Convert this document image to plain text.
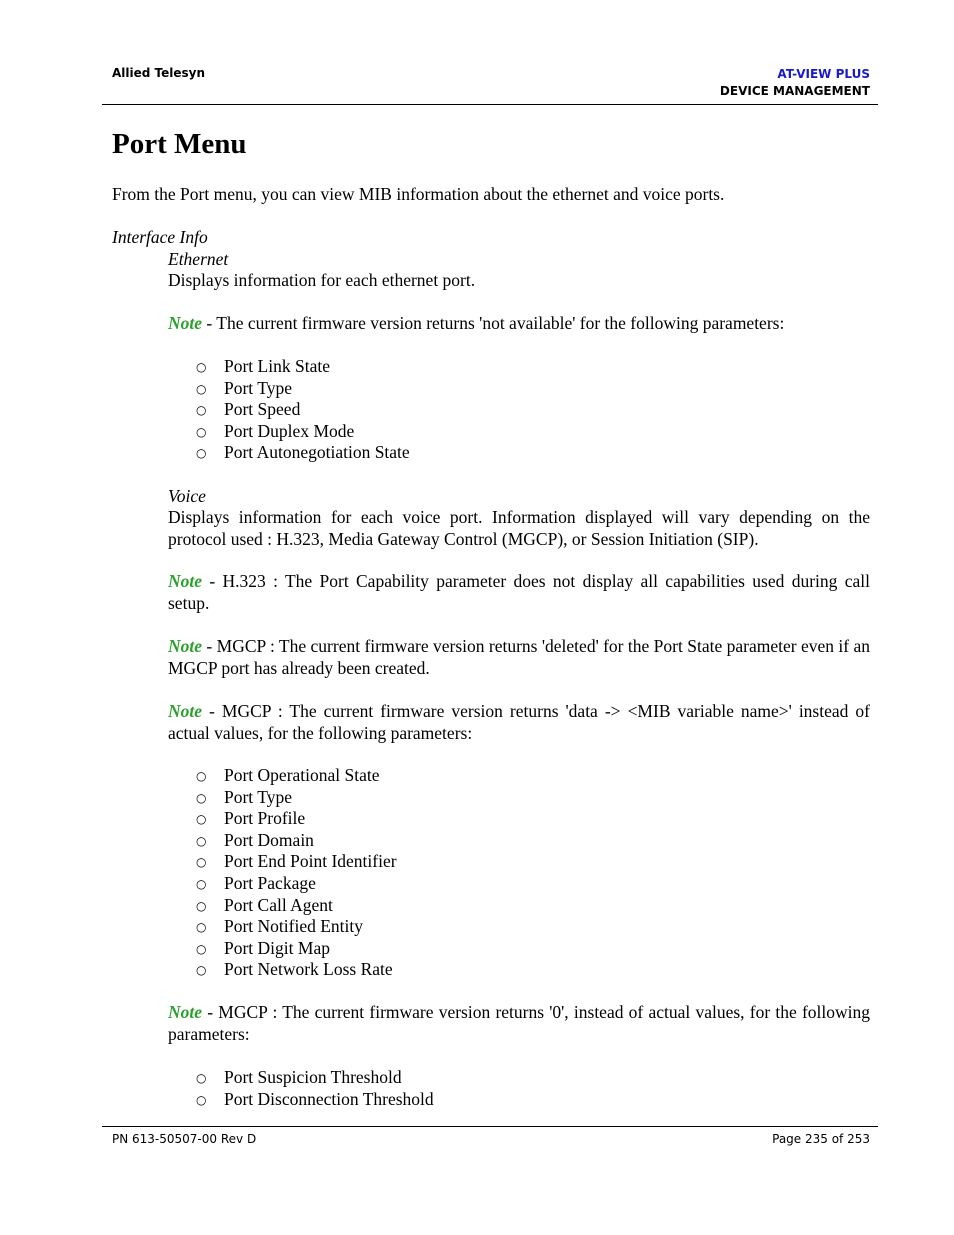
Allied Telesyn	AT-VIEW PLUS
DEVICE MANAGEMENT
Port Menu
From the Port menu, you can view MIB information about the ethernet and voice ports.
Interface Info
Ethernet
Displays information for each ethernet port.
Note - The current firmware version returns 'not available' for the following parameters:
○ Port Link State
○ Port Type
○ Port Speed
○ Port Duplex Mode
○ Port Autonegotiation State
Voice
Displays information for each voice port. Information displayed will vary depending on the protocol used : H.323, Media Gateway Control (MGCP), or Session Initiation (SIP).
Note - H.323 : The Port Capability parameter does not display all capabilities used during call setup.
Note - MGCP : The current firmware version returns 'deleted' for the Port State parameter even if an MGCP port has already been created.
Note - MGCP : The current firmware version returns 'data -> <MIB variable name>' instead of actual values, for the following parameters:
○ Port Operational State
○ Port Type
○ Port Profile
○ Port Domain
○ Port End Point Identifier
○ Port Package
○ Port Call Agent
○ Port Notified Entity
○ Port Digit Map
○ Port Network Loss Rate
Note - MGCP : The current firmware version returns '0', instead of actual values, for the following parameters:
○ Port Suspicion Threshold
○ Port Disconnection Threshold
PN 613-50507-00 Rev D	Page 235 of 253
